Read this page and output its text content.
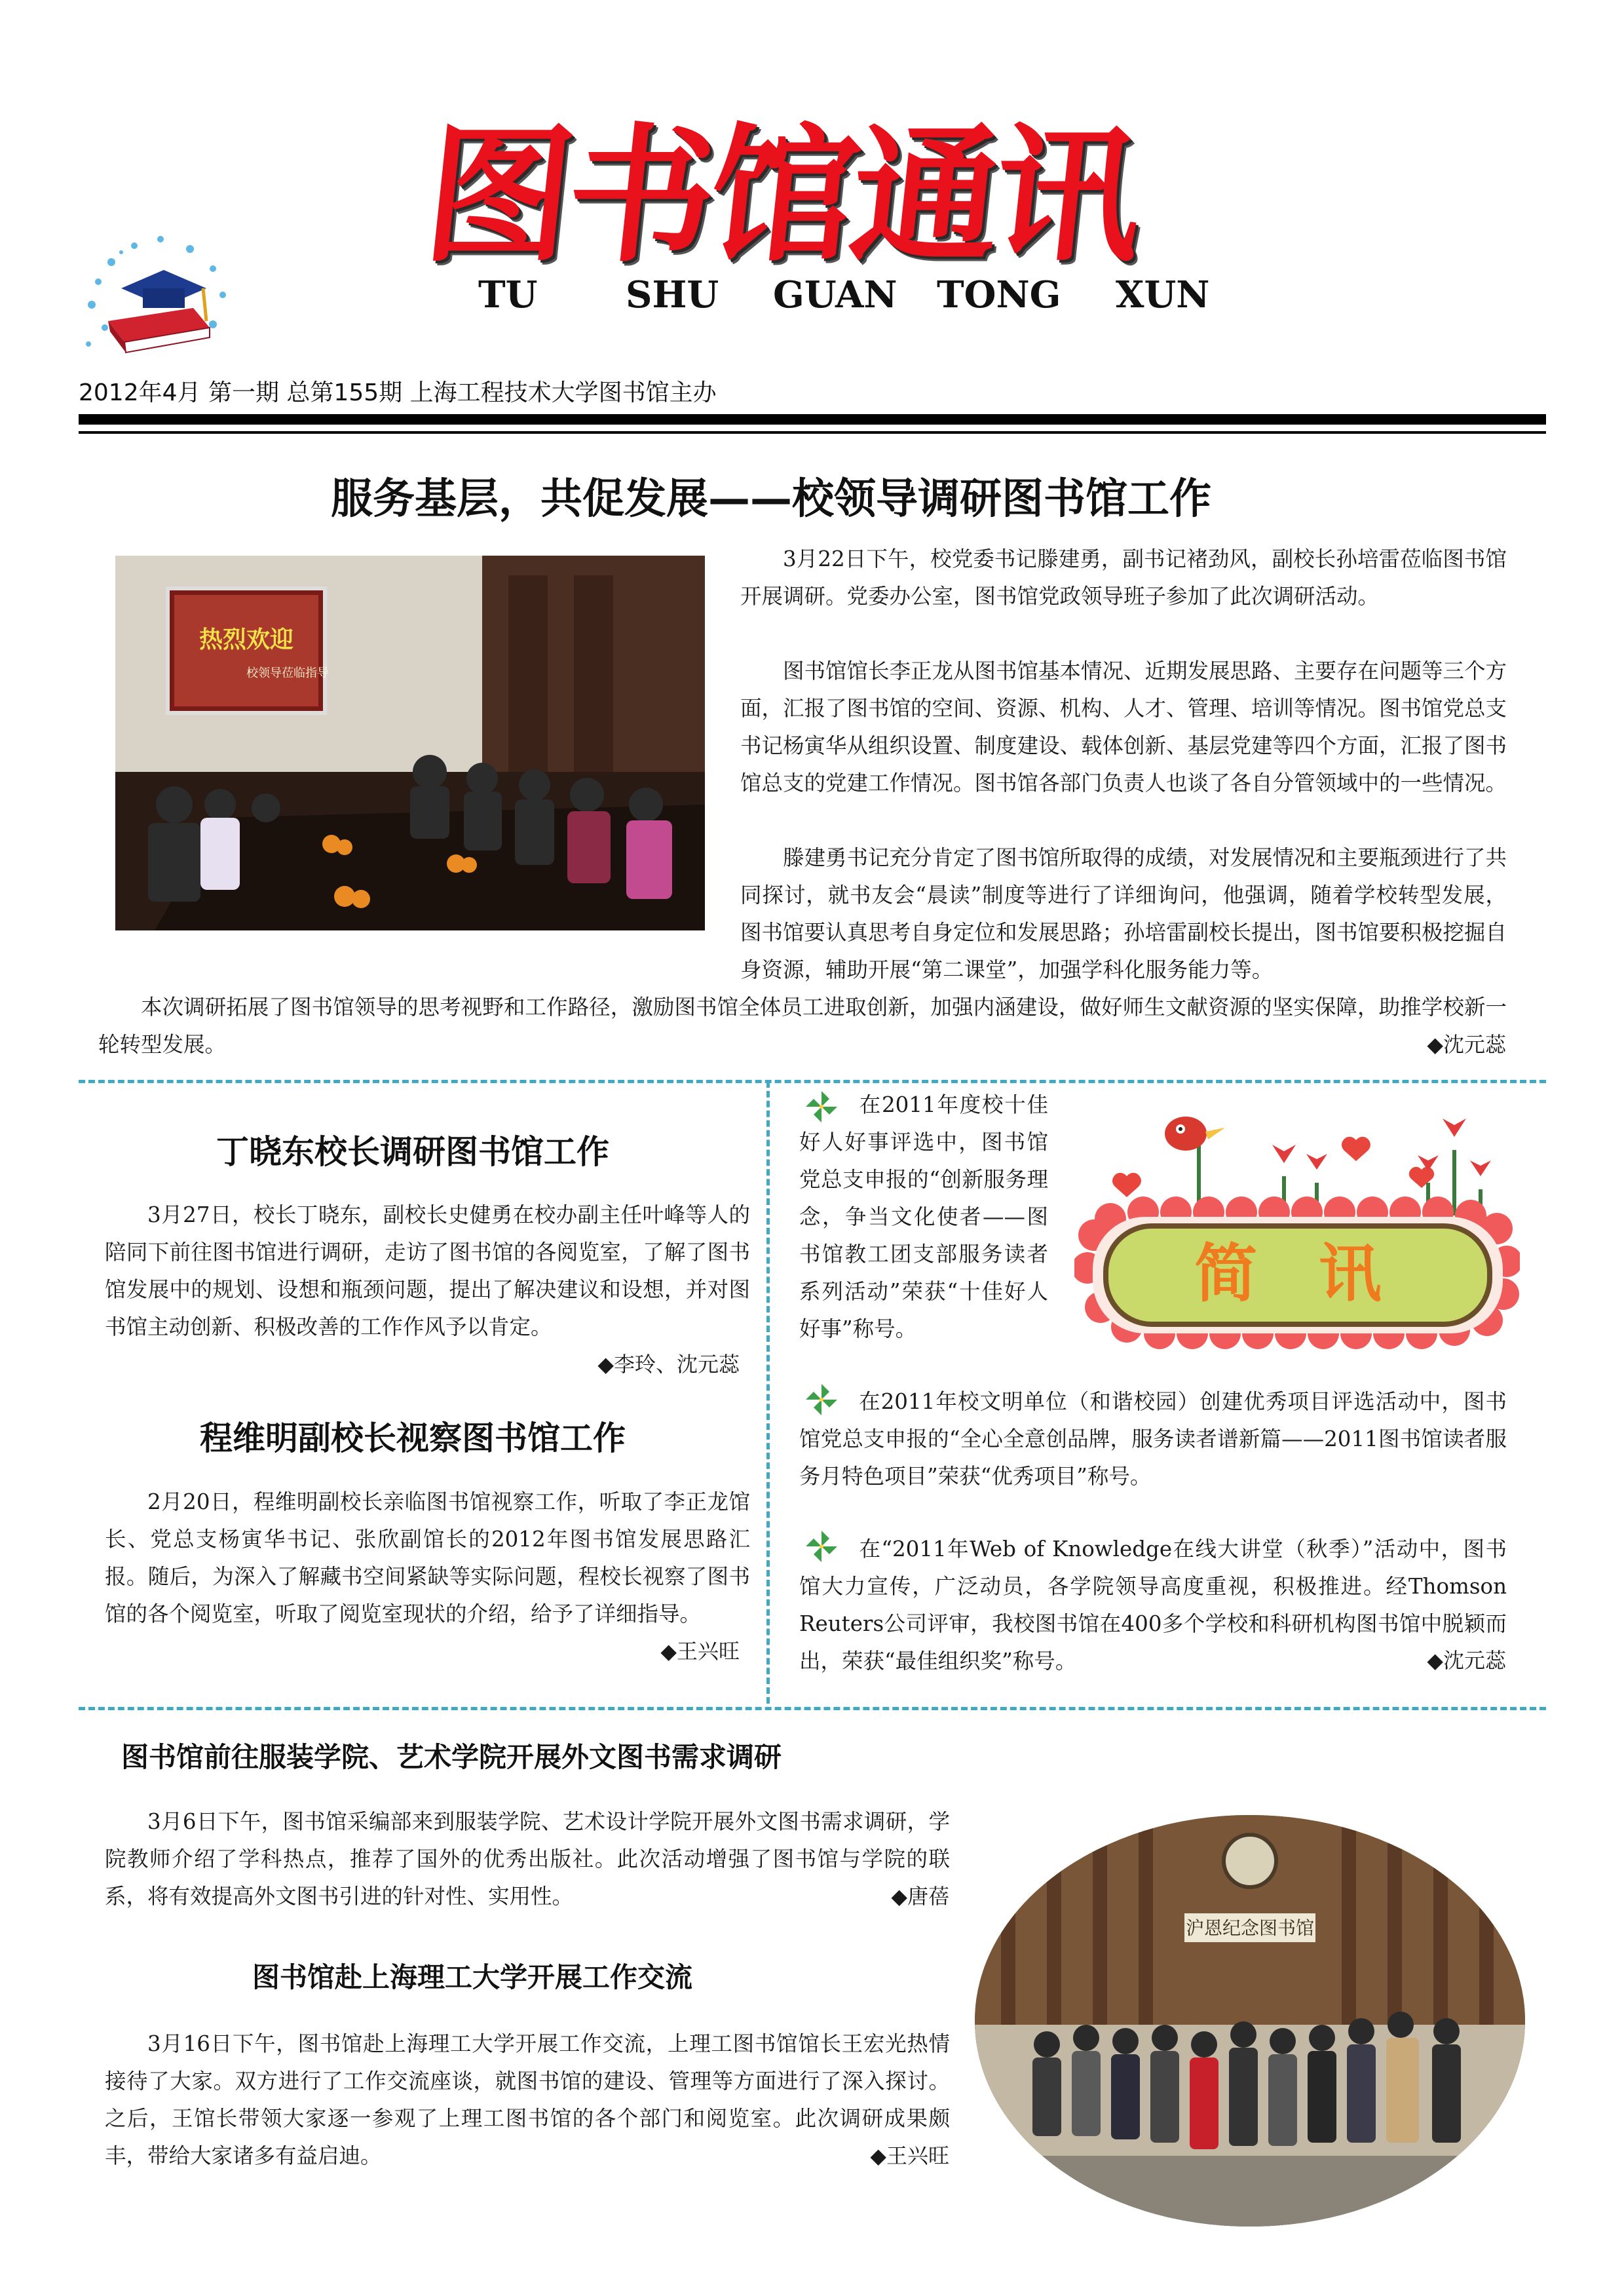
图书馆通讯
TU SHU GUAN TONG XUN
2012年4月 第一期 总第155期 上海工程技术大学图书馆主办
服务基层，共促发展——校领导调研图书馆工作
热烈欢迎
校领导莅临指导
3月22日下午，校党委书记滕建勇，副书记褚劲风，副校长孙培雷莅临图书馆开展调研。党委办公室，图书馆党政领导班子参加了此次调研活动。
图书馆馆长李正龙从图书馆基本情况、近期发展思路、主要存在问题等三个方面，汇报了图书馆的空间、资源、机构、人才、管理、培训等情况。图书馆党总支书记杨寅华从组织设置、制度建设、载体创新、基层党建等四个方面，汇报了图书馆总支的党建工作情况。图书馆各部门负责人也谈了各自分管领域中的一些情况。
滕建勇书记充分肯定了图书馆所取得的成绩，对发展情况和主要瓶颈进行了共同探讨，就书友会“晨读”制度等进行了详细询问，他强调，随着学校转型发展，图书馆要认真思考自身定位和发展思路；孙培雷副校长提出，图书馆要积极挖掘自身资源，辅助开展“第二课堂”，加强学科化服务能力等。
本次调研拓展了图书馆领导的思考视野和工作路径，激励图书馆全体员工进取创新，加强内涵建设，做好师生文献资源的坚实保障，助推学校新一轮转型发展。	◆沈元蕊
丁晓东校长调研图书馆工作
3月27日，校长丁晓东，副校长史健勇在校办副主任叶峰等人的陪同下前往图书馆进行调研，走访了图书馆的各阅览室，了解了图书馆发展中的规划、设想和瓶颈问题，提出了解决建议和设想，并对图书馆主动创新、积极改善的工作作风予以肯定。
◆李玲、沈元蕊
程维明副校长视察图书馆工作
2月20日，程维明副校长亲临图书馆视察工作，听取了李正龙馆长、党总支杨寅华书记、张欣副馆长的2012年图书馆发展思路汇报。随后，为深入了解藏书空间紧缺等实际问题，程校长视察了图书馆的各个阅览室，听取了阅览室现状的介绍，给予了详细指导。
◆王兴旺
简 讯
在2011年度校十佳好人好事评选中，图书馆党总支申报的“创新服务理念，争当文化使者——图书馆教工团支部服务读者系列活动”荣获“十佳好人好事”称号。
在2011年校文明单位（和谐校园）创建优秀项目评选活动中，图书馆党总支申报的“全心全意创品牌，服务读者谱新篇——2011图书馆读者服务月特色项目”荣获“优秀项目”称号。
在“2011年Web of Knowledge在线大讲堂（秋季）”活动中，图书馆大力宣传，广泛动员，各学院领导高度重视，积极推进。经Thomson Reuters公司评审，我校图书馆在400多个学校和科研机构图书馆中脱颖而出，荣获“最佳组织奖”称号。	◆沈元蕊
图书馆前往服装学院、艺术学院开展外文图书需求调研
3月6日下午，图书馆采编部来到服装学院、艺术设计学院开展外文图书需求调研，学院教师介绍了学科热点，推荐了国外的优秀出版社。此次活动增强了图书馆与学院的联系，将有效提高外文图书引进的针对性、实用性。	◆唐蓓
图书馆赴上海理工大学开展工作交流
3月16日下午，图书馆赴上海理工大学开展工作交流，上理工图书馆馆长王宏光热情接待了大家。双方进行了工作交流座谈，就图书馆的建设、管理等方面进行了深入探讨。之后，王馆长带领大家逐一参观了上理工图书馆的各个部门和阅览室。此次调研成果颇丰，带给大家诸多有益启迪。	◆王兴旺
沪恩纪念图书馆
